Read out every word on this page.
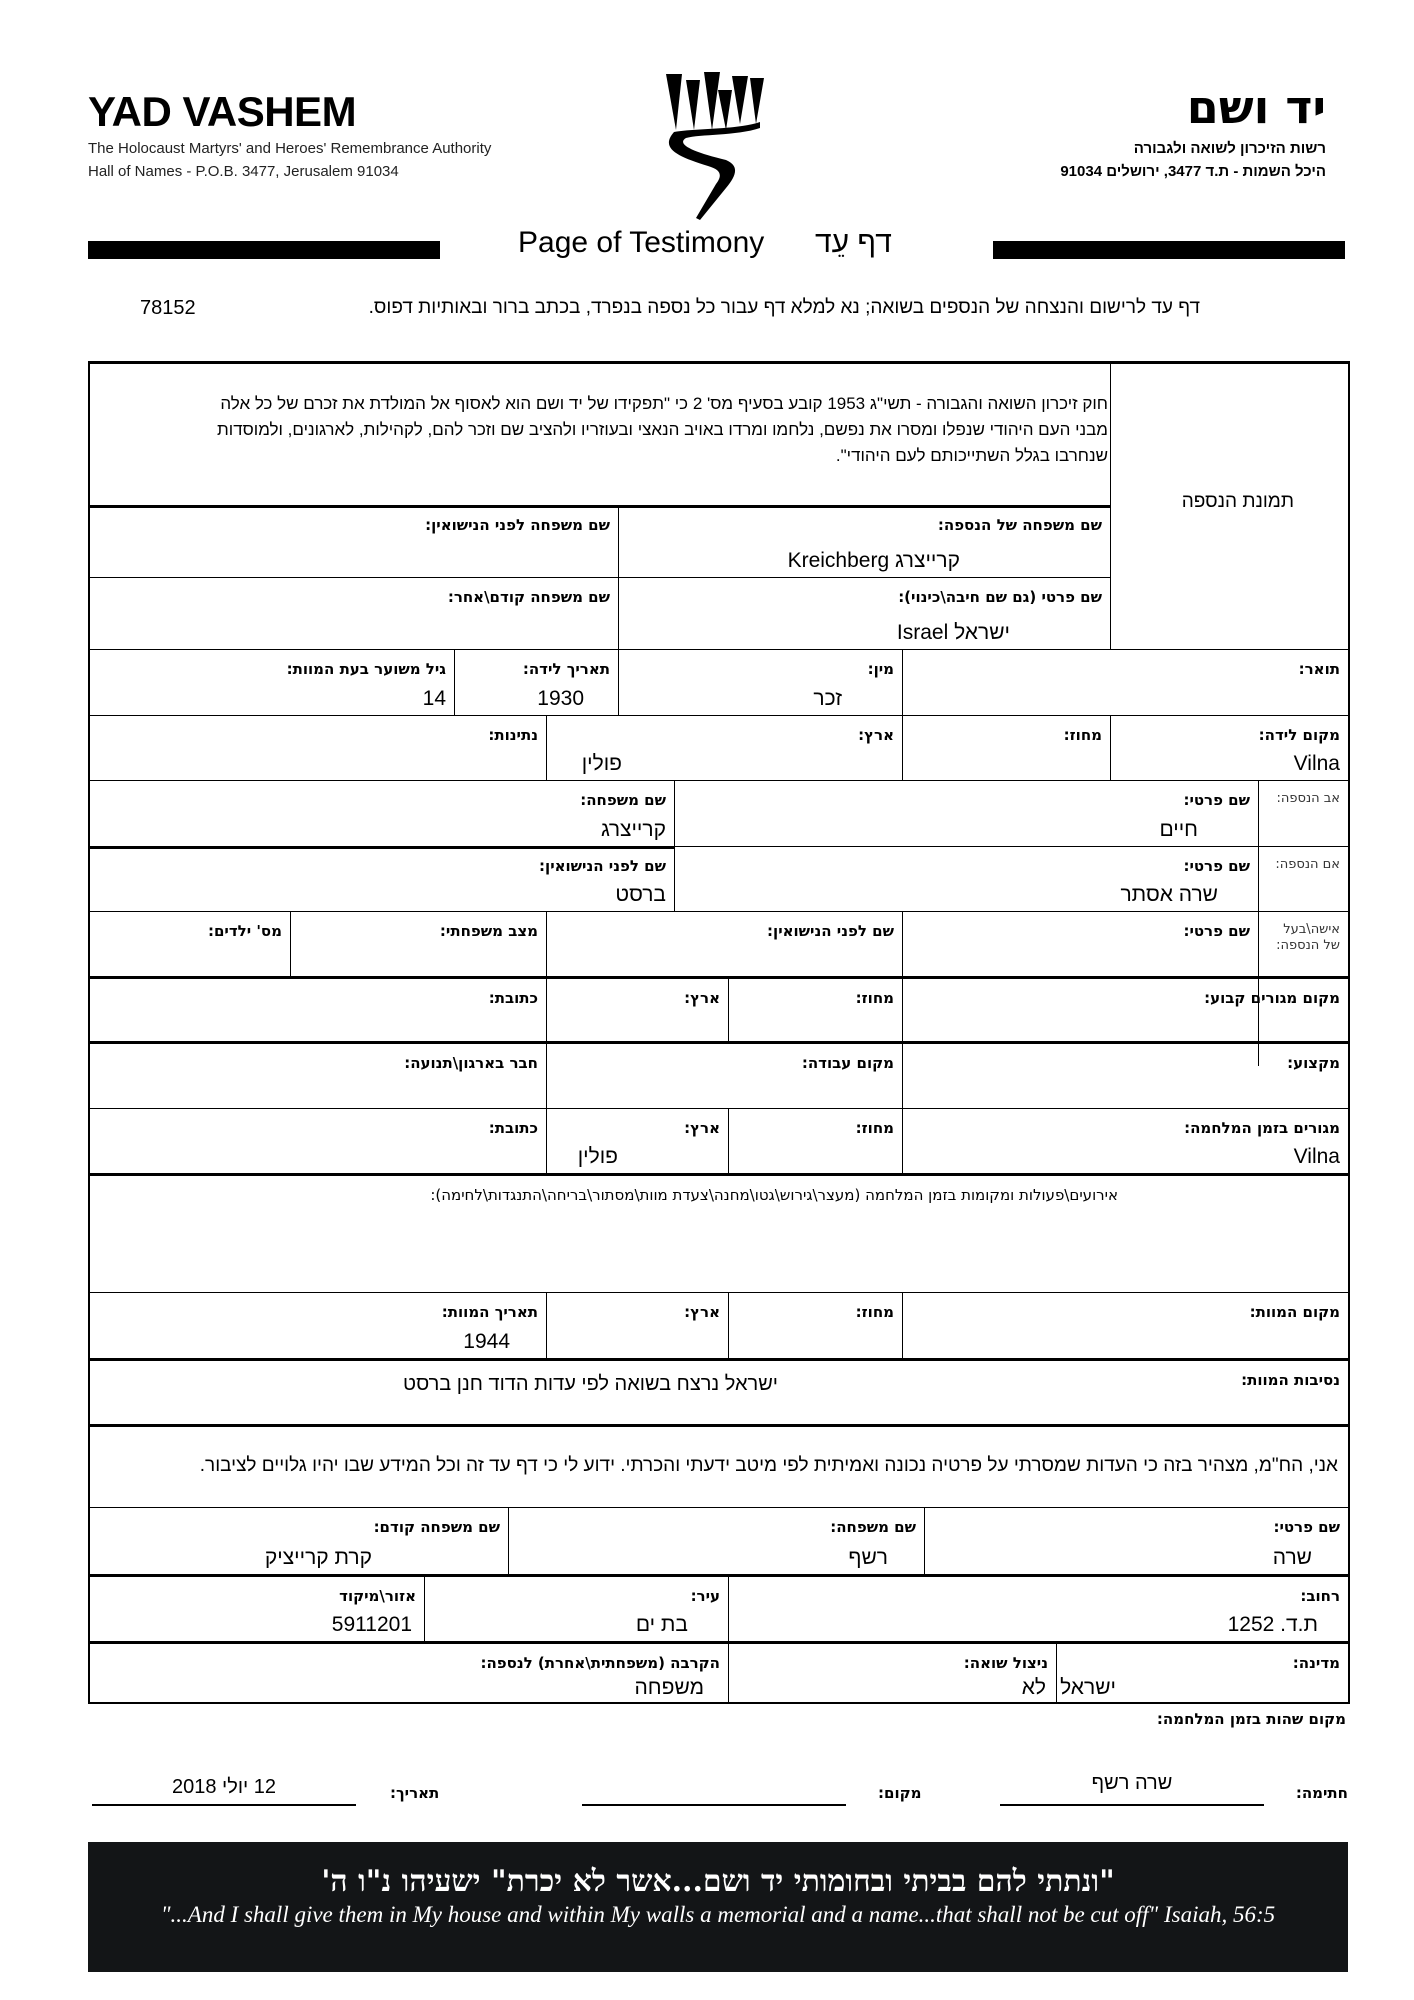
YAD VASHEM
The Holocaust Martyrs' and Heroes' Remembrance Authority
Hall of Names - P.O.B. 3477, Jerusalem 91034
יד ושם
רשות הזיכרון לשואה ולגבורה
היכל השמות - ת.ד 3477, ירושלים 91034
Page of Testimony דף עֵד
דף עד לרישום והנצחה של הנספים בשואה; נא למלא דף עבור כל נספה בנפרד, בכתב ברור ובאותיות דפוס.
78152
חוק זיכרון השואה והגבורה - תשי"ג 1953 קובע בסעיף מס' 2 כי "תפקידו של יד ושם הוא לאסוף אל המולדת את זכרם של כל אלה מבני העם היהודי שנפלו ומסרו את נפשם, נלחמו ומרדו באויב הנאצי ובעוזריו ולהציב שם וזכר להם, לקהילות, לארגונים, ולמוסדות שנחרבו בגלל השתייכותם לעם היהודי".
תמונת הנספה
שם משפחה של הנספה:
קרייצרג Kreichberg
שם משפחה לפני הנישואין:
שם פרטי (גם שם חיבה\כינוי):
ישראל Israel
שם משפחה קודם\אחר:
תואר:
מין:
זכר
תאריך לידה:
1930
גיל משוער בעת המוות:
14
מקום לידה:
Vilna
מחוז:
ארץ:
פולין
נתינות:
אב הנספה:
שם פרטי:
חיים
שם משפחה:
קרייצרג
אם הנספה:
שם פרטי:
שרה אסתר
שם לפני הנישואין:
ברסט
אישה\בעל של הנספה:
שם פרטי:
שם לפני הנישואין:
מצב משפחתי:
מס' ילדים:
מקום מגורים קבוע:
מחוז:
ארץ:
כתובת:
מקצוע:
מקום עבודה:
חבר בארגון\תנועה:
מגורים בזמן המלחמה:
Vilna
מחוז:
ארץ:
פולין
כתובת:
אירועים\פעולות ומקומות בזמן המלחמה (מעצר\גירוש\גטו\מחנה\צעדת מוות\מסתור\בריחה\התנגדות\לחימה):
מקום המוות:
מחוז:
ארץ:
תאריך המוות:
1944
נסיבות המוות:
ישראל נרצח בשואה לפי עדות הדוד חנן ברסט
אני, הח"מ, מצהיר בזה כי העדות שמסרתי על פרטיה נכונה ואמיתית לפי מיטב ידעתי והכרתי. ידוע לי כי דף עד זה וכל המידע שבו יהיו גלויים לציבור.
שם פרטי:
שרה
שם משפחה:
רשף
שם משפחה קודם:
קרת קרייציק
רחוב:
ת.ד. 1252
עיר:
בת ים
אזור\מיקוד
5911201
מדינה:
ישראל
ניצול שואה:
לא
הקרבה (משפחתית\אחרת) לנספה:
משפחה
מקום שהות בזמן המלחמה:
חתימה:
שרה רשף
מקום:
תאריך:
12 יולי 2018
"ונתתי להם בביתי ובחומותי יד ושם...אשר לא יכרת" ישעיהו נ"ו ה'
"...And I shall give them in My house and within My walls a memorial and a name...that shall not be cut off" Isaiah, 56:5
